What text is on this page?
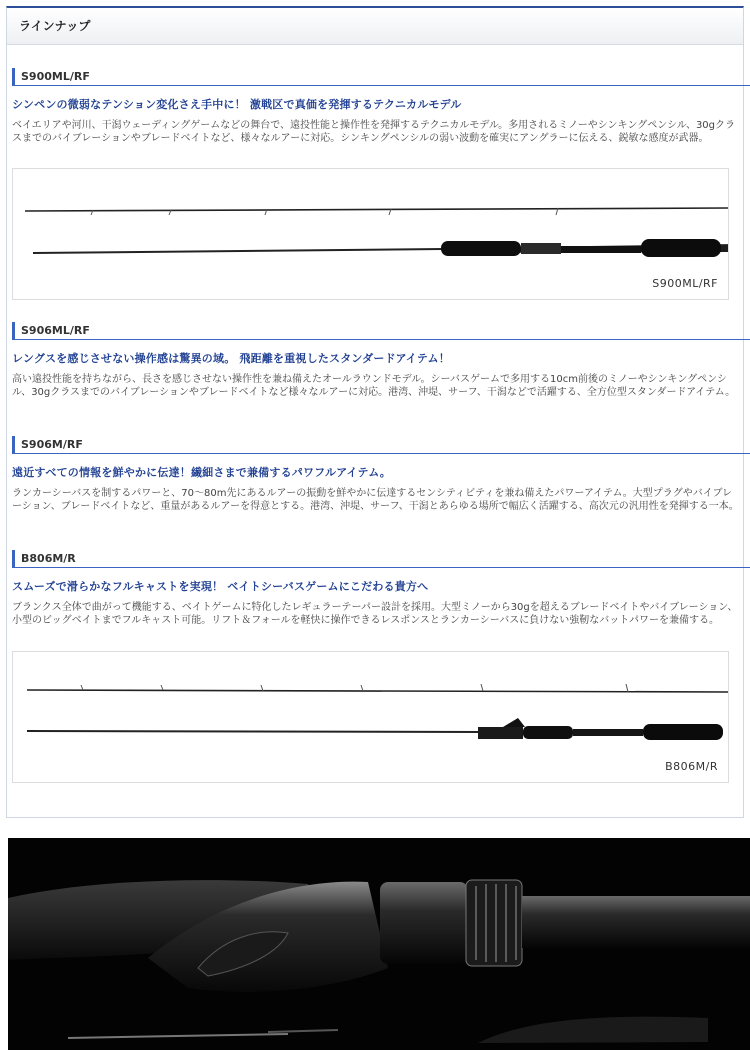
ラインナップ
S900ML/RF
シンペンの微弱なテンション変化さえ手中に！ 激戦区で真価を発揮するテクニカルモデル
ベイエリアや河川、干潟ウェーディングゲームなどの舞台で、遠投性能と操作性を発揮するテクニカルモデル。多用されるミノーやシンキングペンシル、30gクラスまでのバイブレーションやブレードベイトなど、様々なルアーに対応。シンキングペンシルの弱い波動を確実にアングラーに伝える、鋭敏な感度が武器。
S900ML/RF
S906ML/RF
レングスを感じさせない操作感は驚異の域。 飛距離を重視したスタンダードアイテム！
高い遠投性能を持ちながら、長さを感じさせない操作性を兼ね備えたオールラウンドモデル。シーバスゲームで多用する10cm前後のミノーやシンキングペンシル、30gクラスまでのバイブレーションやブレードベイトなど様々なルアーに対応。港湾、沖堤、サーフ、干潟などで活躍する、全方位型スタンダードアイテム。
S906M/RF
遠近すべての情報を鮮やかに伝達！繊細さまで兼備するパワフルアイテム。
ランカーシーバスを制するパワーと、70〜80m先にあるルアーの振動を鮮やかに伝達するセンシティビティを兼ね備えたパワーアイテム。大型プラグやバイブレーション、ブレードベイトなど、重量があるルアーを得意とする。港湾、沖堤、サーフ、干潟とあらゆる場所で幅広く活躍する、高次元の汎用性を発揮する一本。
B806M/R
スムーズで滑らかなフルキャストを実現！ ベイトシーバスゲームにこだわる貴方へ
ブランクス全体で曲がって機能する、ベイトゲームに特化したレギュラーテーパー設計を採用。大型ミノーから30gを超えるブレードベイトやバイブレーション、小型のビッグベイトまでフルキャスト可能。リフト＆フォールを軽快に操作できるレスポンスとランカーシーバスに負けない強靭なバットパワーを兼備する。
B806M/R
